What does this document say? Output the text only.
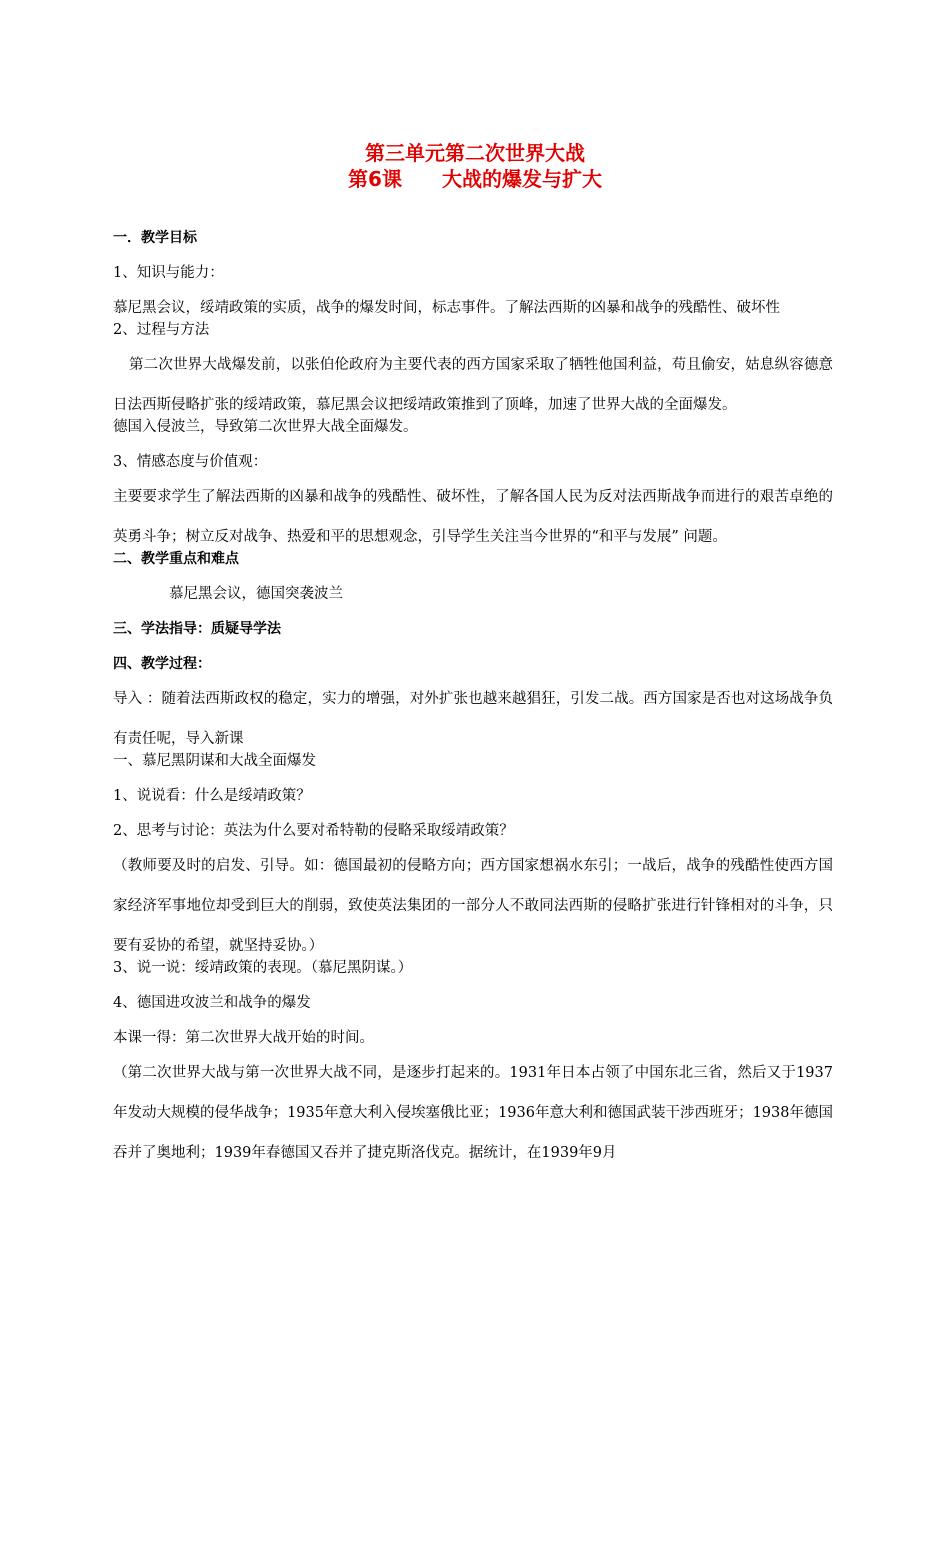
第三单元第二次世界大战
第6课 大战的爆发与扩大
一．教学目标
1、知识与能力：
慕尼黑会议，绥靖政策的实质，战争的爆发时间，标志事件。了解法西斯的凶暴和战争的残酷性、破坏性
2、过程与方法
第二次世界大战爆发前，以张伯伦政府为主要代表的西方国家采取了牺牲他国利益，苟且偷安，姑息纵容德意日法西斯侵略扩张的绥靖政策，慕尼黑会议把绥靖政策推到了顶峰，加速了世界大战的全面爆发。
德国入侵波兰，导致第二次世界大战全面爆发。
3、情感态度与价值观：
主要要求学生了解法西斯的凶暴和战争的残酷性、破坏性，了解各国人民为反对法西斯战争而进行的艰苦卓绝的英勇斗争；树立反对战争、热爱和平的思想观念，引导学生关注当今世界的“和平与发展” 问题。
二、教学重点和难点
慕尼黑会议，德国突袭波兰
三、学法指导：质疑导学法
四、教学过程：
导入 ：随着法西斯政权的稳定，实力的增强，对外扩张也越来越猖狂，引发二战。西方国家是否也对这场战争负有责任呢，导入新课
一、慕尼黑阴谋和大战全面爆发
1、说说看：什么是绥靖政策？
2、思考与讨论：英法为什么要对希特勒的侵略采取绥靖政策？
（教师要及时的启发、引导。如：德国最初的侵略方向；西方国家想祸水东引；一战后，战争的残酷性使西方国家经济军事地位却受到巨大的削弱，致使英法集团的一部分人不敢同法西斯的侵略扩张进行针锋相对的斗争，只要有妥协的希望，就坚持妥协。）
3、说一说：绥靖政策的表现。（慕尼黑阴谋。）
4、德国进攻波兰和战争的爆发
本课一得：第二次世界大战开始的时间。
（第二次世界大战与第一次世界大战不同，是逐步打起来的。1931年日本占领了中国东北三省，然后又于1937年发动大规模的侵华战争；1935年意大利入侵埃塞俄比亚；1936年意大利和德国武装干涉西班牙；1938年德国吞并了奥地利；1939年春德国又吞并了捷克斯洛伐克。据统计，在1939年9月
